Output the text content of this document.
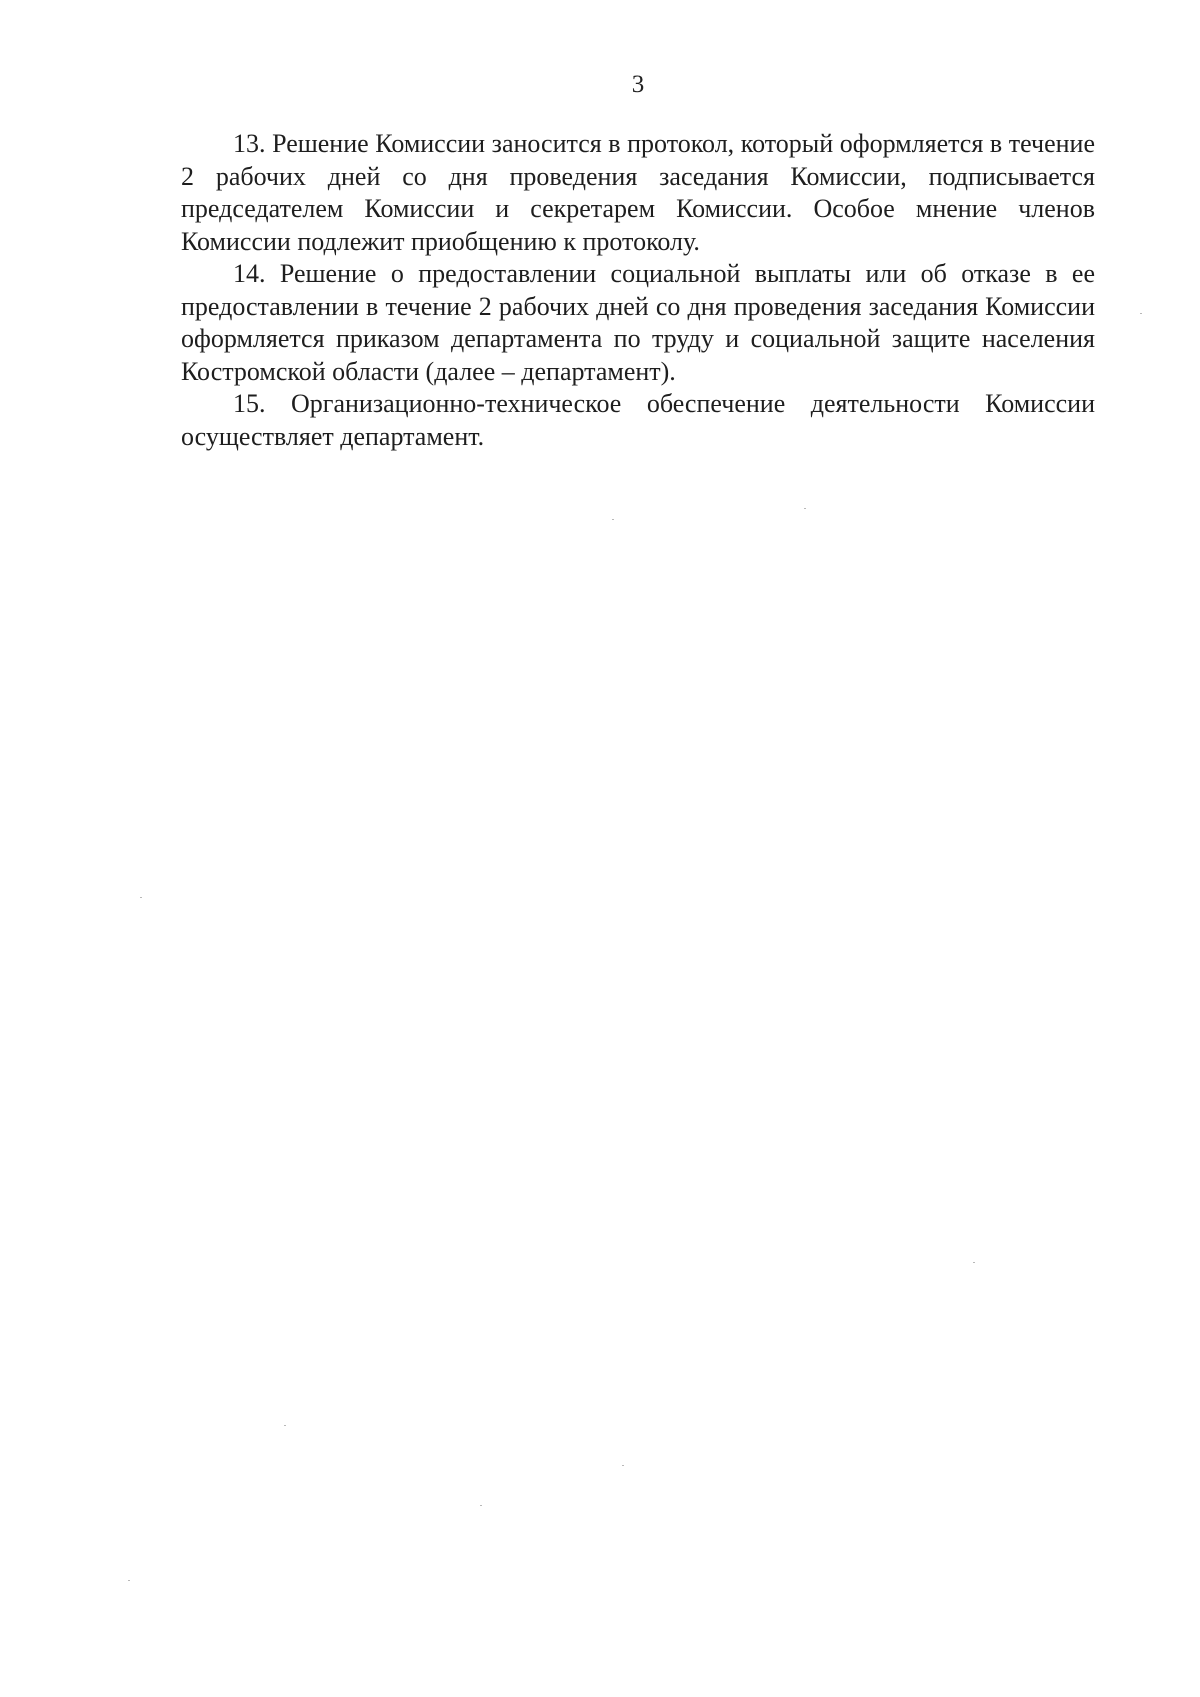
3

13. Решение Комиссии заносится в протокол, который оформляется в течение 2 рабочих дней со дня проведения заседания Комиссии, подписывается председателем Комиссии и секретарем Комиссии. Особое мнение членов Комиссии подлежит приобщению к протоколу.

14. Решение о предоставлении социальной выплаты или об отказе в ее предоставлении в течение 2 рабочих дней со дня проведения заседания Комиссии оформляется приказом департамента по труду и социальной защите населения Костромской области (далее – департамент).

15. Организационно-техническое обеспечение деятельности Комиссии осуществляет департамент.
